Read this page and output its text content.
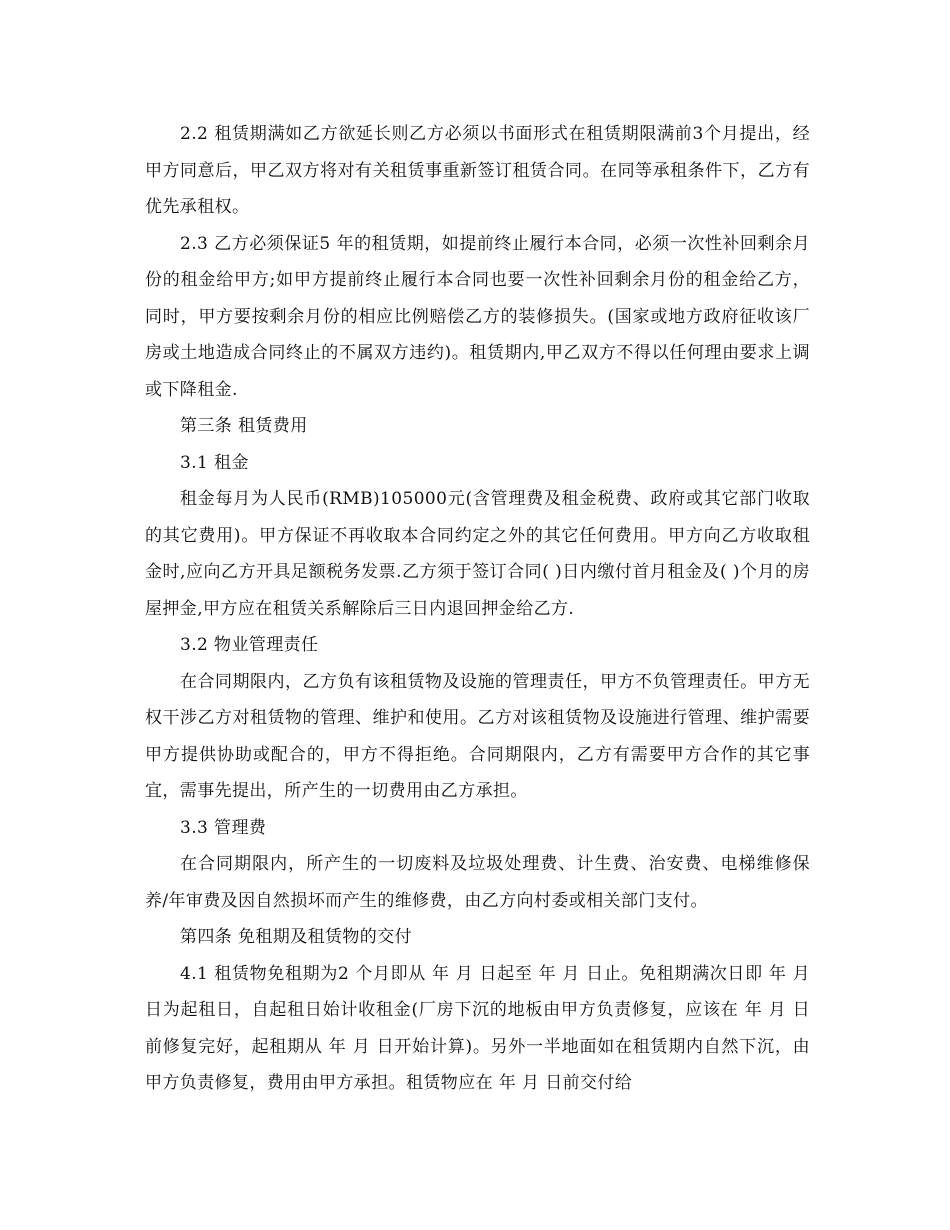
2.2 租赁期满如乙方欲延长则乙方必须以书面形式在租赁期限满前3个月提出，经甲方同意后，甲乙双方将对有关租赁事重新签订租赁合同。在同等承租条件下，乙方有优先承租权。

2.3 乙方必须保证5 年的租赁期，如提前终止履行本合同，必须一次性补回剩余月份的租金给甲方;如甲方提前终止履行本合同也要一次性补回剩余月份的租金给乙方，同时，甲方要按剩余月份的相应比例赔偿乙方的装修损失。(国家或地方政府征收该厂房或土地造成合同终止的不属双方违约)。租赁期内,甲乙双方不得以任何理由要求上调或下降租金.

第三条 租赁费用

3.1 租金

租金每月为人民币(RMB)105000元(含管理费及租金税费、政府或其它部门收取的其它费用)。甲方保证不再收取本合同约定之外的其它任何费用。甲方向乙方收取租金时,应向乙方开具足额税务发票.乙方须于签订合同( )日内缴付首月租金及( )个月的房屋押金,甲方应在租赁关系解除后三日内退回押金给乙方.

3.2 物业管理责任

在合同期限内，乙方负有该租赁物及设施的管理责任，甲方不负管理责任。甲方无权干涉乙方对租赁物的管理、维护和使用。乙方对该租赁物及设施进行管理、维护需要甲方提供协助或配合的，甲方不得拒绝。合同期限内，乙方有需要甲方合作的其它事宜，需事先提出，所产生的一切费用由乙方承担。

3.3 管理费

在合同期限内，所产生的一切废料及垃圾处理费、计生费、治安费、电梯维修保养/年审费及因自然损坏而产生的维修费，由乙方向村委或相关部门支付。

第四条 免租期及租赁物的交付

4.1 租赁物免租期为2 个月即从 年 月 日起至 年 月 日止。免租期满次日即 年 月 日为起租日，自起租日始计收租金(厂房下沉的地板由甲方负责修复，应该在 年 月 日前修复完好，起租期从 年 月 日开始计算)。另外一半地面如在租赁期内自然下沉，由甲方负责修复，费用由甲方承担。租赁物应在 年 月 日前交付给
